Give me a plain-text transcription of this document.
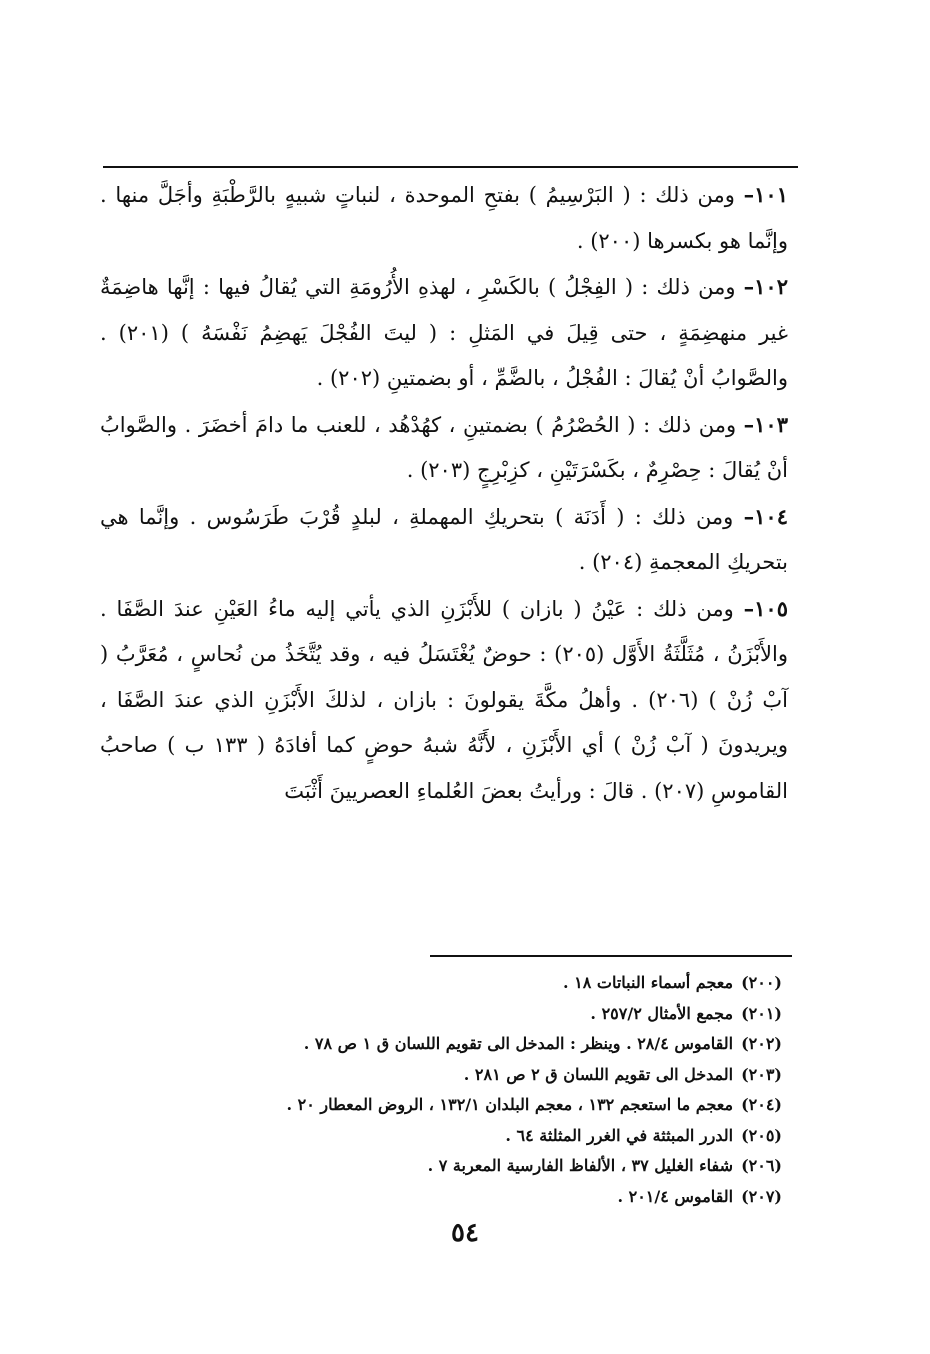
١٠١– ومن ذلك : ( البَرْسِيمُ ) بفتحِ الموحدة ، لنباتٍ شبيهٍ بالرَّطْبَةِ وأجَلَّ منها . وإنَّما هو بكسرها (٢٠٠) .

١٠٢– ومن ذلك : ( الفِجْلُ ) بالكَسْرِ ، لهذهِ الأُرُومَةِ التي يُقالُ فيها : إنَّها هاضِمَةٌ غير منهضِمَةٍ ، حتى قِيلَ في المَثلِ : ( ليتَ الفُجْلَ يَهضِمُ نَفْسَهُ ) (٢٠١) . والصَّوابُ أنْ يُقالَ : الفُجْلُ ، بالضَّمِّ ، أو بضمتينِ (٢٠٢) .

١٠٣– ومن ذلك : ( الحُصْرُمُ ) بضمتينِ ، كهُدْهُد ، للعنب ما دامَ أخضَرَ . والصَّوابُ أنْ يُقالَ : حِصْرِمٌ ، بكَسْرَتَيْنِ ، كزِبْرِجٍ (٢٠٣) .

١٠٤– ومن ذلك : ( أَدَنَة ) بتحريكِ المهملةِ ، لبلدٍ قُرْبَ طَرَسُوس . وإنَّما هي بتحريكِ المعجمةِ (٢٠٤) .

١٠٥– ومن ذلك : عَيْنُ ( بازان ) للأَبْزَنِ الذي يأتي إليه ماءُ العَيْنِ عندَ الصَّفَا . والأَبْزَنُ ، مُثَلَّثَةُ الأَوَّل (٢٠٥) : حوضٌ يُغْتَسَلُ فيه ، وقد يُتَّخَذُ من نُحاسٍ ، مُعَرَّبُ ( آبْ زُنْ ) (٢٠٦) . وأهلُ مكَّةَ يقولونَ : بازان ، لذلكَ الأَبْزَنِ الذي عندَ الصَّفَا ، ويريدونَ ( آبْ زُنْ ) أي الأَبْزَنِ ، لأَنَّهُ شبهُ حوضٍ كما أفادَهُ ( ١٣٣ ب ) صاحبُ القاموسِ (٢٠٧) . قالَ : ورأيتُ بعضَ العُلماءِ العصريينَ أَثْبَتَ

(٢٠٠)معجم أسماء النباتات ١٨ .
(٢٠١)مجمع الأمثال ٢٥٧/٢ .
(٢٠٢)القاموس ٢٨/٤ . وينظر : المدخل الى تقويم اللسان ق ١ ص ٧٨ .
(٢٠٣)المدخل الى تقويم اللسان ق ٢ ص ٢٨١ .
(٢٠٤)معجم ما استعجم ١٣٢ ، معجم البلدان ١٣٢/١ ، الروض المعطار ٢٠ .
(٢٠٥)الدرر المبثثة في الغرر المثلثة ٦٤ .
(٢٠٦)شفاء الغليل ٣٧ ، الألفاظ الفارسية المعربة ٧ .
(٢٠٧)القاموس ٢٠١/٤ .
٥٤
